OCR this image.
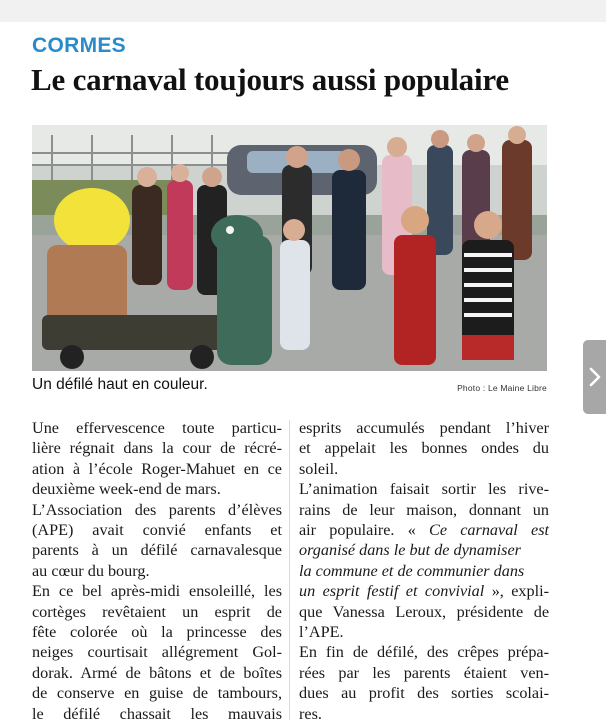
CORMES
Le carnaval toujours aussi populaire
Un défilé haut en couleur.	Photo : Le Maine Libre

Une effervescence toute particu-
lière régnait dans la cour de récré-
ation à l’école Roger-Mahuet en ce
deuxième week-end de mars.
L’Association des parents d’élèves
(APE) avait convié enfants et
parents à un défilé carnavalesque
au cœur du bourg.

En ce bel après-midi ensoleillé, les
cortèges revêtaient un esprit de
fête colorée où la princesse des
neiges courtisait allégrement Gol-
dorak. Armé de bâtons et de boîtes
de conserve en guise de tambours,
le défilé chassait les mauvais

esprits accumulés pendant l’hiver
et appelait les bonnes ondes du
soleil.

L’animation faisait sortir les rive-
rains de leur maison, donnant un
air populaire. « Ce carnaval est
organisé dans le but de dynamiser
la commune et de communier dans
un esprit festif et convivial », expli-
que Vanessa Leroux, présidente de
l’APE.

En fin de défilé, des crêpes prépa-
rées par les parents étaient ven-
dues au profit des sorties scolai-
res.
